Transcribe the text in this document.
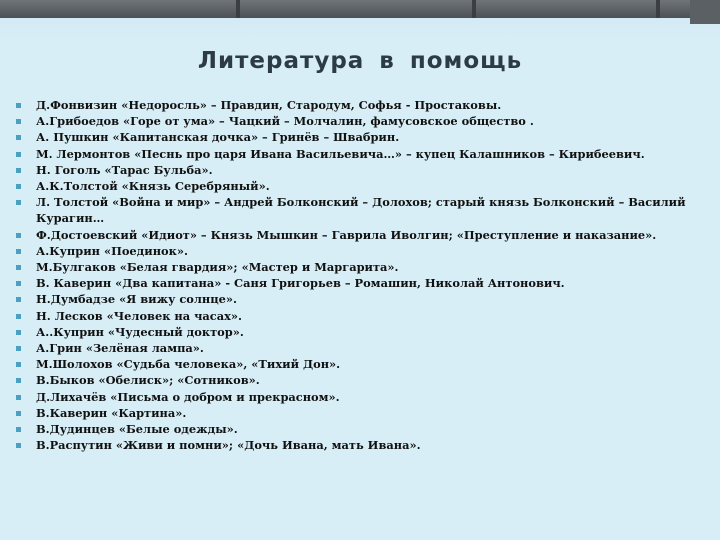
Литература в помощь
Д.Фонвизин «Недоросль» – Правдин, Стародум, Софья - Простаковы.
А.Грибоедов «Горе от ума» – Чацкий – Молчалин, фамусовское общество .
А. Пушкин «Капитанская дочка» – Гринёв – Швабрин.
М. Лермонтов «Песнь про царя Ивана Васильевича…» – купец Калашников – Кирибеевич.
Н. Гоголь «Тарас Бульба».
А.К.Толстой «Князь Серебряный».
Л. Толстой «Война и мир» – Андрей Болконский – Долохов; старый князь Болконский – Василий Курагин…
Ф.Достоевский «Идиот» – Князь Мышкин – Гаврила Иволгин; «Преступление и наказание».
А.Куприн «Поединок».
М.Булгаков «Белая гвардия»; «Мастер и Маргарита».
В. Каверин «Два капитана» - Саня Григорьев – Ромашин, Николай Антонович.
Н.Думбадзе «Я вижу солнце».
Н. Лесков «Человек на часах».
А..Куприн «Чудесный доктор».
А.Грин «Зелёная лампа».
М.Шолохов «Судьба человека», «Тихий Дон».
В.Быков «Обелиск»; «Сотников».
Д.Лихачёв «Письма о добром и прекрасном».
В.Каверин «Картина».
В.Дудинцев «Белые одежды».
В.Распутин «Живи и помни»; «Дочь Ивана, мать Ивана».
